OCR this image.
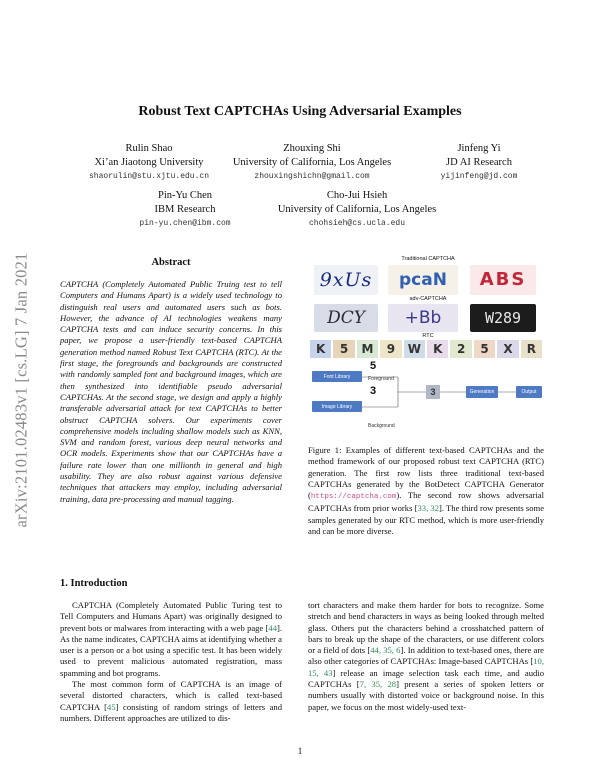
arXiv:2101.02483v1 [cs.LG] 7 Jan 2021
Robust Text CAPTCHAs Using Adversarial Examples
Rulin Shao
Xi’an Jiaotong University
shaorulin@stu.xjtu.edu.cn
Zhouxing Shi
University of California, Los Angeles
zhouxingshichn@gmail.com
Jinfeng Yi
JD AI Research
yijinfeng@jd.com
Pin-Yu Chen
IBM Research
pin-yu.chen@ibm.com
Cho-Jui Hsieh
University of California, Los Angeles
chohsieh@cs.ucla.edu
Abstract
CAPTCHA (Completely Automated Public Truing test to tell Computers and Humans Apart) is a widely used technology to distinguish real users and automated users such as bots. However, the advance of AI technologies weakens many CAPTCHA tests and can induce security concerns. In this paper, we propose a user-friendly text-based CAPTCHA generation method named Robust Text CAPTCHA (RTC). At the first stage, the foregrounds and backgrounds are constructed with randomly sampled font and background images, which are then synthesized into identifiable pseudo adversarial CAPTCHAs. At the second stage, we design and apply a highly transferable adversarial attack for text CAPTCHAs to better obstruct CAPTCHA solvers. Our experiments cover comprehensive models including shallow models such as KNN, SVM and random forest, various deep neural networks and OCR models. Experiments show that our CAPTCHAs have a failure rate lower than one millionth in general and high usability. They are also robust against various defensive techniques that attackers may employ, including adversarial training, data pre-processing and manual tagging.
Traditional CAPTCHA
9xUs	pcaN	ABS
adv-CAPTCHA
DCY	+Bb	W289
RTC
K	5	M	9	W	K	2	5	X	R
Font Library
Image Library
5
3
Foreground
Background
3	Generation	Output
Figure 1: Examples of different text-based CAPTCHAs and the method framework of our proposed robust text CAPTCHA (RTC) generation. The first row lists three traditional text-based CAPTCHAs generated by the BotDetect CAPTCHA Generator (https://captcha.com). The second row shows adversarial CAPTCHAs from prior works [33, 32]. The third row presents some samples generated by our RTC method, which is more user-friendly and can be more diverse.
1. Introduction
CAPTCHA (Completely Automated Public Turing test to Tell Computers and Humans Apart) was originally designed to prevent bots or malwares from interacting with a web page [44]. As the name indicates, CAPTCHA aims at identifying whether a user is a person or a bot using a specific test. It has been widely used to prevent malicious automated registration, mass spamming and bot programs.
The most common form of CAPTCHA is an image of several distorted characters, which is called text-based CAPTCHA [45] consisting of random strings of letters and numbers. Different approaches are utilized to dis-
tort characters and make them harder for bots to recognize. Some stretch and bend characters in ways as being looked through melted glass. Others put the characters behind a crosshatched pattern of bars to break up the shape of the characters, or use different colors or a field of dots [44, 35, 6]. In addition to text-based ones, there are also other categories of CAPTCHAs: Image-based CAPTCHAs [10, 15, 43] release an image selection task each time, and audio CAPTCHAs [7, 35, 28] present a series of spoken letters or numbers usually with distorted voice or background noise. In this paper, we focus on the most widely-used text-
1
